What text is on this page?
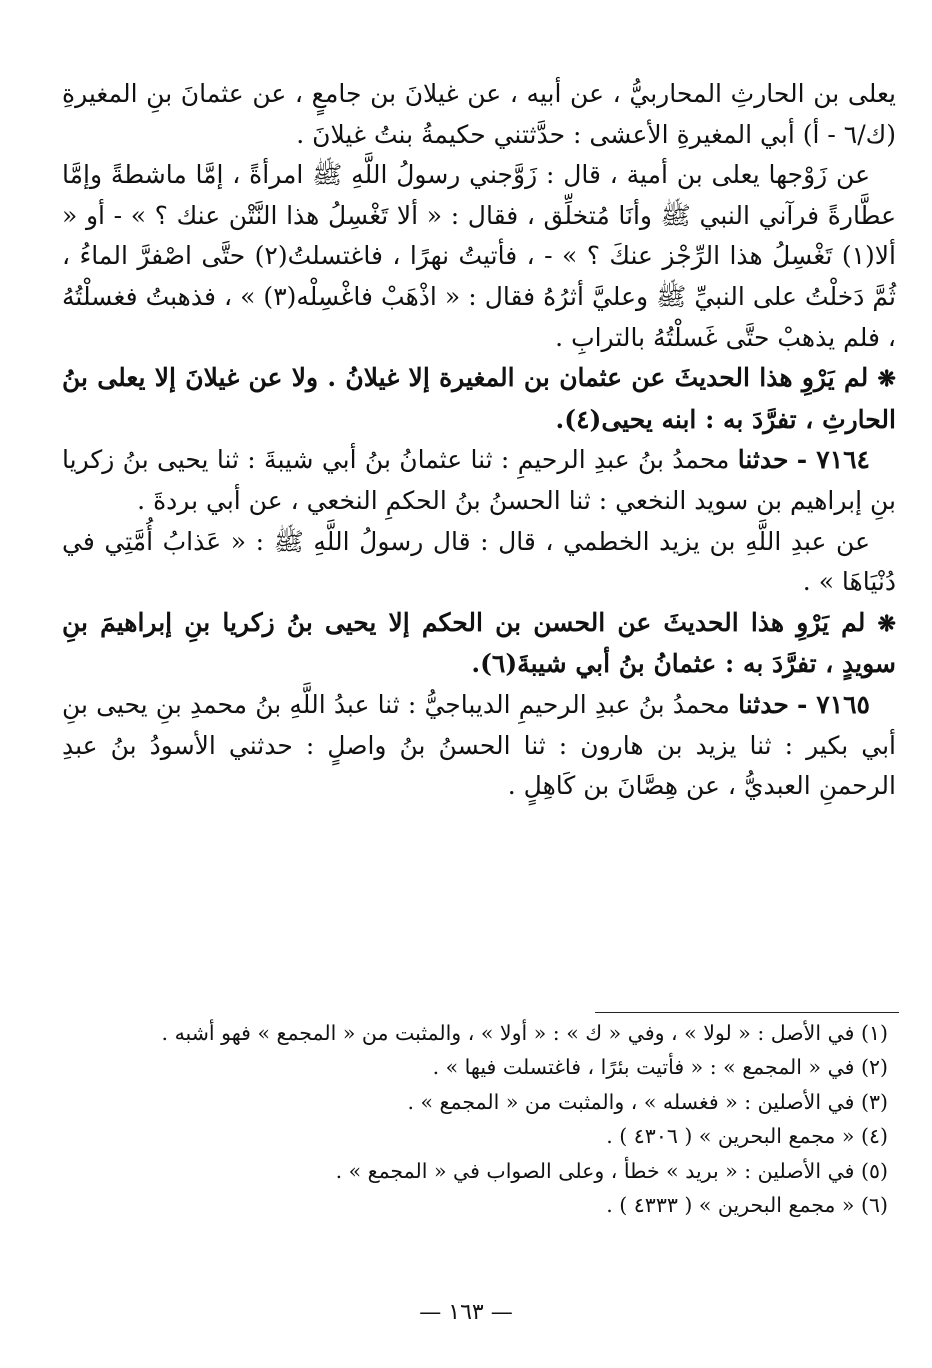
يعلى بن الحارثِ المحاربيُّ ، عن أبيه ، عن غيلانَ بن جامعٍ ، عن عثمانَ بنِ المغيرةِ (ك/٦ - أ) أبي المغيرةِ الأعشى : حدَّثتني حكيمةُ بنتُ غيلانَ .

عن زَوْجها يعلى بن أمية ، قال : زَوَّجني رسولُ اللَّهِ ﷺ امرأةً ، إمَّا ماشطةً وإمَّا عطَّارةً فرآني النبي ﷺ وأنَا مُتخلِّق ، فقال : « ألا تَغْسِلُ هذا النَّتْن عنك ؟ » - أو « ألا(١) تَغْسِلُ هذا الرِّجْز عنكَ ؟ » - ، فأتيتُ نهرًا ، فاغتسلتُ(٢) حتَّى اصْفرَّ الماءُ ، ثُمَّ دَخلْتُ على النبيِّ ﷺ وعليَّ أثرُهُ فقال : « اذْهَبْ فاغْسِلْه(٣) » ، فذهبتُ فغسلْتُهُ ، فلم يذهبْ حتَّى غَسلْتُهُ بالترابِ .

❋ لم يَرْوِ هذا الحديثَ عن عثمان بن المغيرة إلا غيلانُ . ولا عن غيلانَ إلا يعلى بنُ الحارثِ ، تفرَّدَ به : ابنه يحيى(٤).

٧١٦٤ - حدثنا محمدُ بنُ عبدِ الرحيمِ : ثنا عثمانُ بنُ أبي شيبةَ : ثنا يحيى بنُ زكريا بنِ إبراهيم بن سويد النخعي : ثنا الحسنُ بنُ الحكمِ النخعي ، عن أبي بردةَ .

عن عبدِ اللَّهِ بن يزيد الخطمي ، قال : قال رسولُ اللَّهِ ﷺ : « عَذابُ أُمَّتِي في دُنْيَاهَا » .

❋ لم يَرْوِ هذا الحديثَ عن الحسن بن الحكم إلا يحيى بنُ زكريا بنِ إبراهيمَ بنِ سويدٍ ، تفرَّدَ به : عثمانُ بنُ أبي شيبةَ(٦).

٧١٦٥ - حدثنا محمدُ بنُ عبدِ الرحيمِ الديباجيُّ : ثنا عبدُ اللَّهِ بنُ محمدِ بنِ يحيى بنِ أبي بكير : ثنا يزيد بن هارون : ثنا الحسنُ بنُ واصلٍ : حدثني الأسودُ بنُ عبدِ الرحمنِ العبديُّ ، عن هِصَّانَ بن كَاهِلٍ .

(١) في الأصل : « لولا » ، وفي « ك » : « أولا » ، والمثبت من « المجمع » فهو أشبه .
(٢) في « المجمع » : « فأتيت بئرًا ، فاغتسلت فيها » .
(٣) في الأصلين : « فغسله » ، والمثبت من « المجمع » .
(٤) « مجمع البحرين » ( ٤٣٠٦ ) .
(٥) في الأصلين : « بريد » خطأ ، وعلى الصواب في « المجمع » .
(٦) « مجمع البحرين » ( ٤٣٣٣ ) .
— ١٦٣ —
